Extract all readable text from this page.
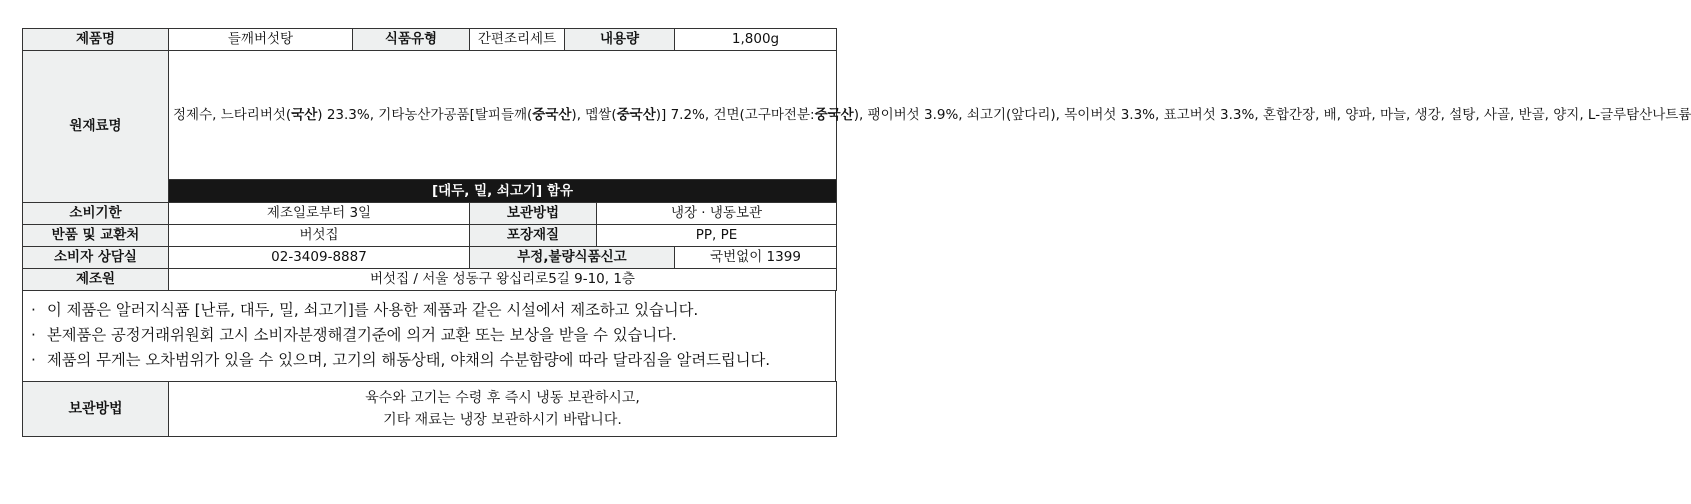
제품명	들깨버섯탕	식품유형	간편조리세트	내용량		1,800g
원재료명	정제수, 느타리버섯(국산) 23.3%, 기타농산가공품[탈피들깨(중국산), 멥쌀(중국산)] 7.2%, 건면(고구마전분:중국산), 팽이버섯 3.9%, 쇠고기(앞다리), 목이버섯 3.3%, 표고버섯 3.3%, 혼합간장, 배, 양파, 마늘, 생강, 설탕, 사골, 반골, 양지, L-글루탐산나트륨					
	[대두, 밀, 쇠고기] 함유					
소비기한	제조일로부터 3일		보관방법		냉장 · 냉동보관	
반품 및 교환처	버섯집		포장재질		PP, PE	
소비자 상담실	02-3409-8887		부정,불량식품신고			국번없이 1399
제조원	버섯집 / 서울 성동구 왕십리로5길 9-10, 1층					
· 이 제품은 알러지식품 [난류, 대두, 밀, 쇠고기]를 사용한 제품과 같은 시설에서 제조하고 있습니다.
· 본제품은 공정거래위원회 고시 소비자분쟁해결기준에 의거 교환 또는 보상을 받을 수 있습니다.
· 제품의 무게는 오차범위가 있을 수 있으며, 고기의 해동상태, 야채의 수분함량에 따라 달라짐을 알려드립니다.
보관방법	
육수와 고기는 수령 후 즉시 냉동 보관하시고,
기타 재료는 냉장 보관하시기 바랍니다.
